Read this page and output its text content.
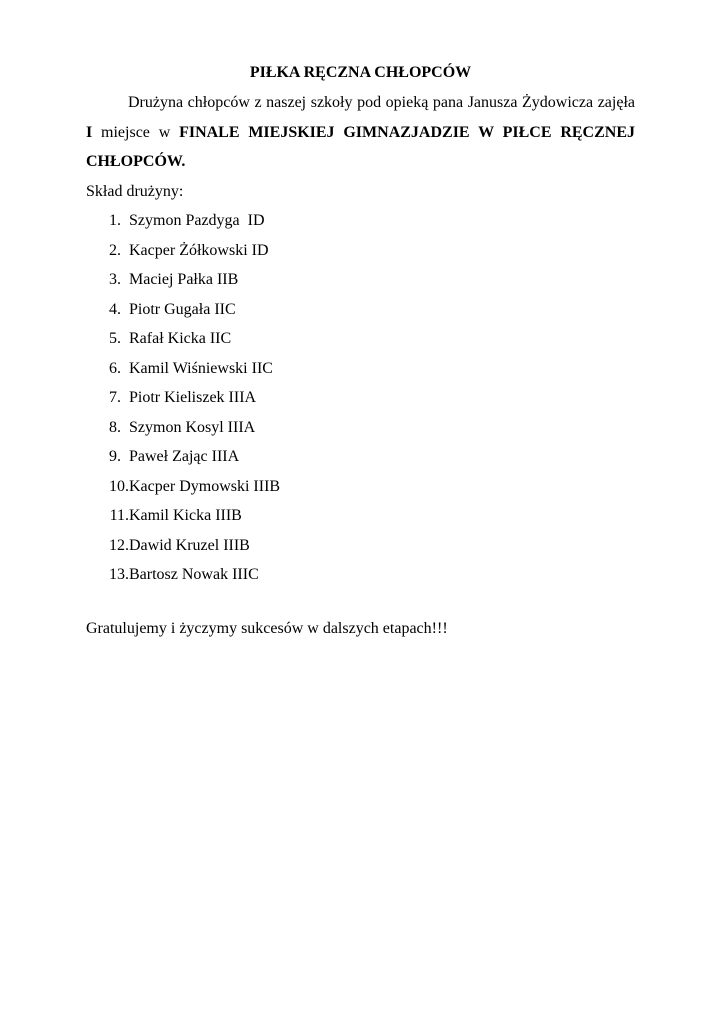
PIŁKA RĘCZNA CHŁOPCÓW

Drużyna chłopców z naszej szkoły pod opieką pana Janusza Żydowicza zajęła I miejsce w FINALE MIEJSKIEJ GIMNAZJADZIE W PIŁCE RĘCZNEJ CHŁOPCÓW.

Skład drużyny:

1. Szymon Pazdyga  ID
2. Kacper Żółkowski ID
3. Maciej Pałka IIB
4. Piotr Gugała IIC
5. Rafał Kicka IIC
6. Kamil Wiśniewski IIC
7. Piotr Kieliszek IIIA
8. Szymon Kosyl IIIA
9. Paweł Zając IIIA
10. Kacper Dymowski IIIB
11. Kamil Kicka IIIB
12. Dawid Kruzel IIIB
13. Bartosz Nowak IIIC

Gratulujemy i życzymy sukcesów w dalszych etapach!!!
